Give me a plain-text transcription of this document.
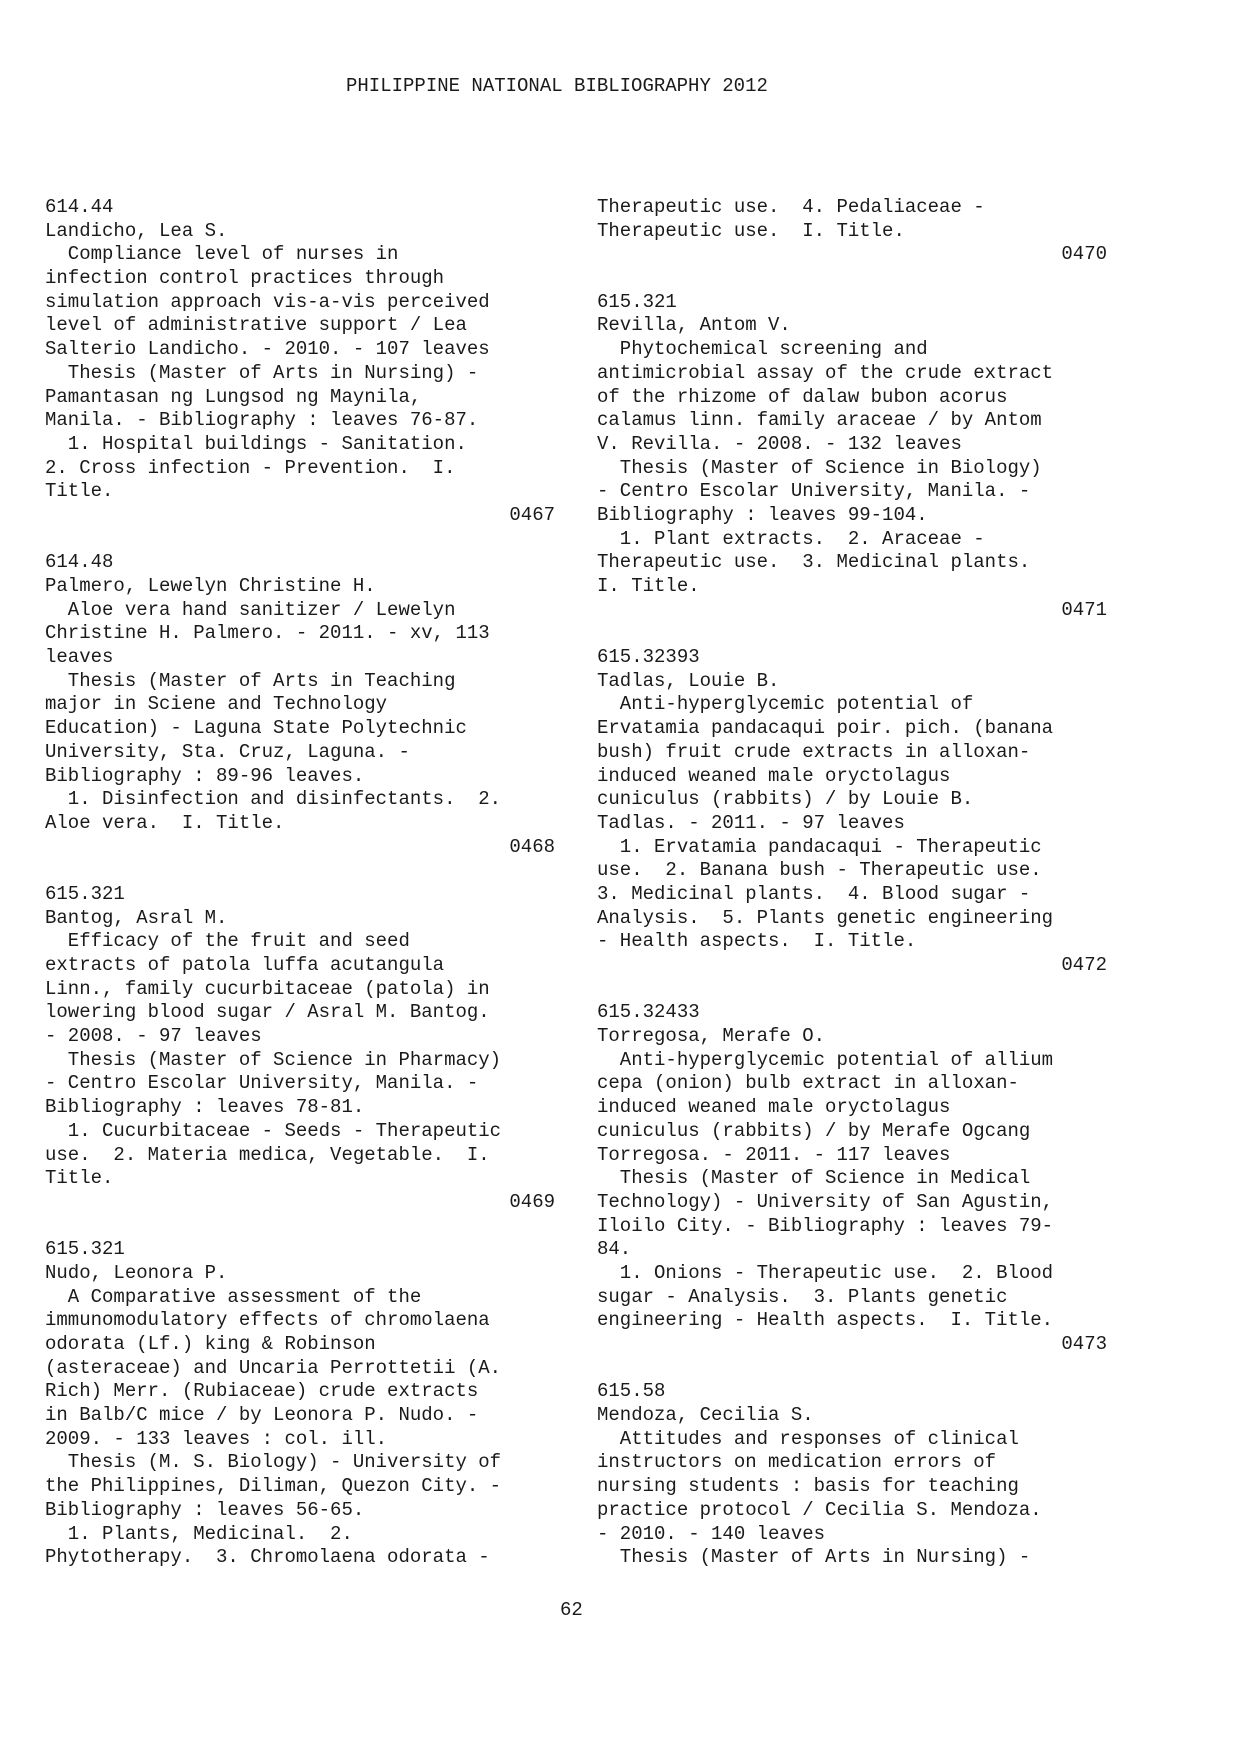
PHILIPPINE NATIONAL BIBLIOGRAPHY 2012
614.44
Landicho, Lea S.
Compliance level of nurses in
infection control practices through
simulation approach vis-a-vis perceived
level of administrative support / Lea
Salterio Landicho. - 2010. - 107 leaves
Thesis (Master of Arts in Nursing) -
Pamantasan ng Lungsod ng Maynila,
Manila. - Bibliography : leaves 76-87.
1. Hospital buildings - Sanitation.
2. Cross infection - Prevention.  I.
Title.
0467
614.48
Palmero, Lewelyn Christine H.
Aloe vera hand sanitizer / Lewelyn
Christine H. Palmero. - 2011. - xv, 113
leaves
Thesis (Master of Arts in Teaching
major in Sciene and Technology
Education) - Laguna State Polytechnic
University, Sta. Cruz, Laguna. -
Bibliography : 89-96 leaves.
1. Disinfection and disinfectants.  2.
Aloe vera.  I. Title.
0468
615.321
Bantog, Asral M.
Efficacy of the fruit and seed
extracts of patola luffa acutangula
Linn., family cucurbitaceae (patola) in
lowering blood sugar / Asral M. Bantog.
- 2008. - 97 leaves
Thesis (Master of Science in Pharmacy)
- Centro Escolar University, Manila. -
Bibliography : leaves 78-81.
1. Cucurbitaceae - Seeds - Therapeutic
use.  2. Materia medica, Vegetable.  I.
Title.
0469
615.321
Nudo, Leonora P.
A Comparative assessment of the
immunomodulatory effects of chromolaena
odorata (Lf.) king & Robinson
(asteraceae) and Uncaria Perrottetii (A.
Rich) Merr. (Rubiaceae) crude extracts
in Balb/C mice / by Leonora P. Nudo. -
2009. - 133 leaves : col. ill.
Thesis (M. S. Biology) - University of
the Philippines, Diliman, Quezon City. -
Bibliography : leaves 56-65.
1. Plants, Medicinal.  2.
Phytotherapy.  3. Chromolaena odorata -
Therapeutic use.  4. Pedaliaceae -
Therapeutic use.  I. Title.
0470
615.321
Revilla, Antom V.
Phytochemical screening and
antimicrobial assay of the crude extract
of the rhizome of dalaw bubon acorus
calamus linn. family araceae / by Antom
V. Revilla. - 2008. - 132 leaves
Thesis (Master of Science in Biology)
- Centro Escolar University, Manila. -
Bibliography : leaves 99-104.
1. Plant extracts.  2. Araceae -
Therapeutic use.  3. Medicinal plants.
I. Title.
0471
615.32393
Tadlas, Louie B.
Anti-hyperglycemic potential of
Ervatamia pandacaqui poir. pich. (banana
bush) fruit crude extracts in alloxan-
induced weaned male oryctolagus
cuniculus (rabbits) / by Louie B.
Tadlas. - 2011. - 97 leaves
1. Ervatamia pandacaqui - Therapeutic
use.  2. Banana bush - Therapeutic use.
3. Medicinal plants.  4. Blood sugar -
Analysis.  5. Plants genetic engineering
- Health aspects.  I. Title.
0472
615.32433
Torregosa, Merafe O.
Anti-hyperglycemic potential of allium
cepa (onion) bulb extract in alloxan-
induced weaned male oryctolagus
cuniculus (rabbits) / by Merafe Ogcang
Torregosa. - 2011. - 117 leaves
Thesis (Master of Science in Medical
Technology) - University of San Agustin,
Iloilo City. - Bibliography : leaves 79-
84.
1. Onions - Therapeutic use.  2. Blood
sugar - Analysis.  3. Plants genetic
engineering - Health aspects.  I. Title.
0473
615.58
Mendoza, Cecilia S.
Attitudes and responses of clinical
instructors on medication errors of
nursing students : basis for teaching
practice protocol / Cecilia S. Mendoza.
- 2010. - 140 leaves
Thesis (Master of Arts in Nursing) -
62
